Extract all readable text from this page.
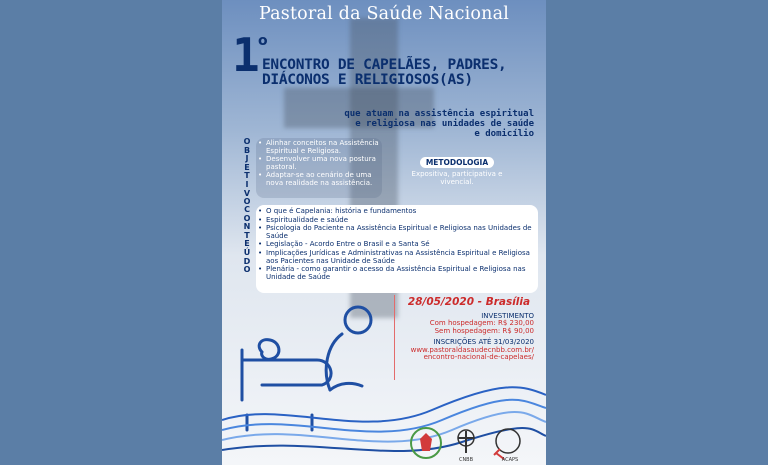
Pastoral da Saúde Nacional
1
o
ENCONTRO DE CAPELÃES, PADRES,
DIÁCONOS E RELIGIOSOS(AS)
que atuam na assistência espiritual
e religiosa nas unidades de saúde
e domicílio
O
B
J
E
T
I
V
O
• Alinhar conceitos na Assistência Espiritual e Religiosa.
• Desenvolver uma nova postura pastoral.
• Adaptar-se ao cenário de uma nova realidade na assistência.
METODOLOGIA
Expositiva, participativa e vivencial.
C
O
N
T
E
Ú
D
O
• O que é Capelania: história e fundamentos
• Espiritualidade e saúde
• Psicologia do Paciente na Assistência Espiritual e Religiosa nas Unidades de Saúde
• Legislação - Acordo Entre o Brasil e a Santa Sé
• Implicações Jurídicas e Administrativas na Assistência Espiritual e Religiosa aos Pacientes nas Unidade de Saúde
• Plenária - como garantir o acesso da Assistência Espiritual e Religiosa nas Unidade de Saúde
28/05/2020 - Brasília
INVESTIMENTO
Com hospedagem: R$ 230,00
Sem hospedagem: R$ 90,00
INSCRIÇÕES ATÉ 31/03/2020
www.pastoraldasaudecnbb.com.br/
encontro-nacional-de-capelaes/
CNBB	ACAPS
